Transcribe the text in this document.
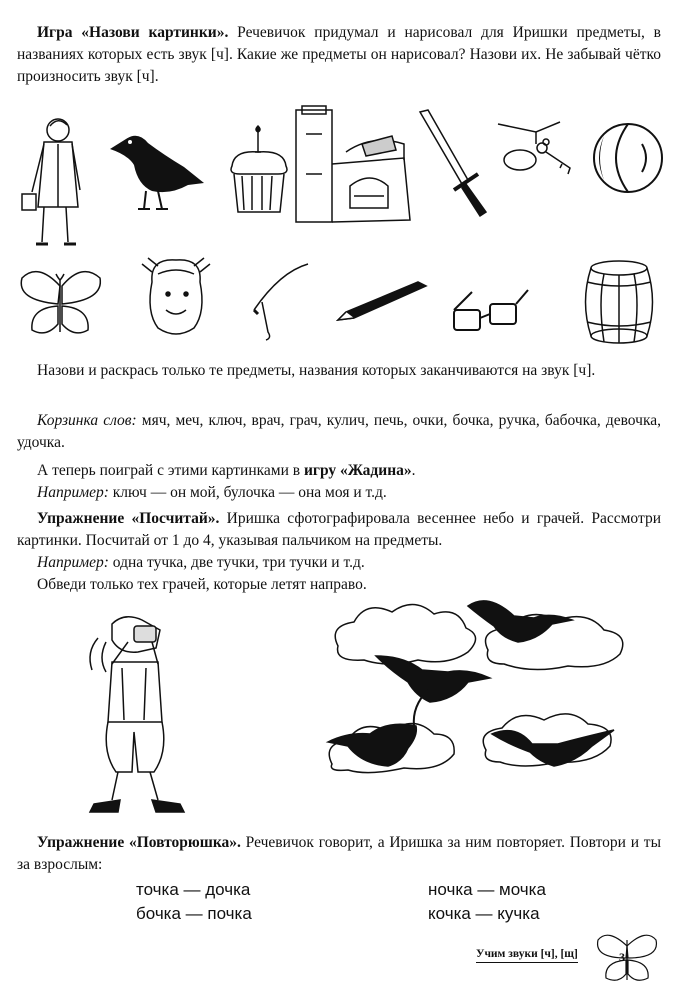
Игра «Назови картинки». Речевичок придумал и нарисовал для Иришки предметы, в названиях которых есть звук [ч]. Какие же предметы он нарисовал? Назови их. Не забывай чётко произносить звук [ч].
Назови и раскрась только те предметы, названия которых заканчиваются на звук [ч].
Корзинка слов: мяч, меч, ключ, врач, грач, кулич, печь, очки, бочка, ручка, бабочка, девочка, удочка.
А теперь поиграй с этими картинками в игру «Жадина».
Например: ключ — он мой, булочка — она моя и т.д.
Упражнение «Посчитай». Иришка сфотографировала весеннее небо и грачей. Рассмотри картинки. Посчитай от 1 до 4, указывая пальчиком на предметы.
Например: одна тучка, две тучки, три тучки и т.д.
Обведи только тех грачей, которые летят направо.
Упражнение «Повторюшка». Речевичок говорит, а Иришка за ним повторяет. Повтори и ты за взрослым:
точка — дочка
бочка — почка
ночка — мочка
кочка — кучка
Учим звуки [ч], [щ]	3
